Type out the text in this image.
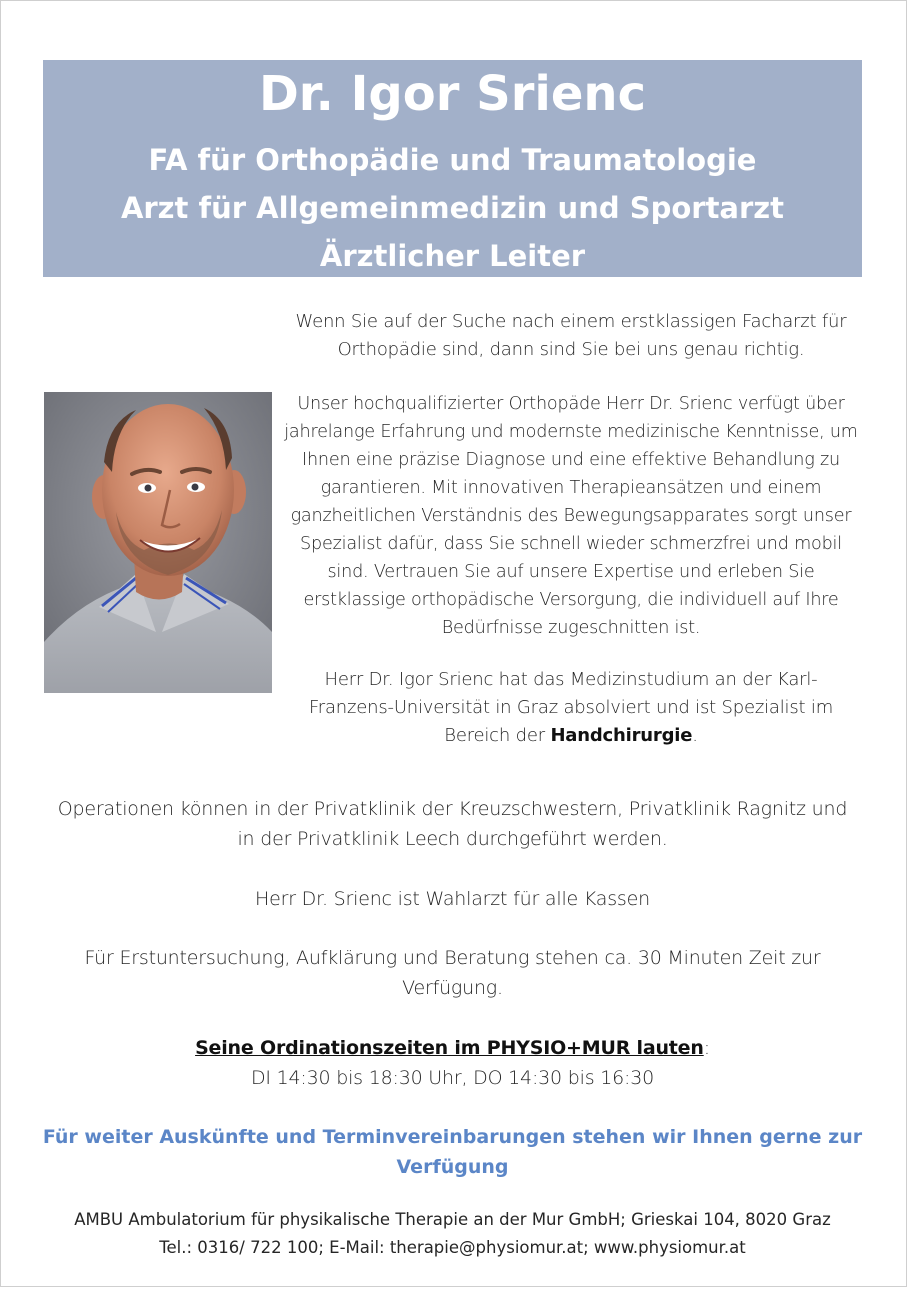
Dr. Igor Srienc
FA für Orthopädie und Traumatologie
Arzt für Allgemeinmedizin und Sportarzt
Ärztlicher Leiter
Wenn Sie auf der Suche nach einem erstklassigen Facharzt für Orthopädie sind, dann sind Sie bei uns genau richtig.
Unser hochqualifizierter Orthopäde Herr Dr. Srienc verfügt über jahrelange Erfahrung und modernste medizinische Kenntnisse, um Ihnen eine präzise Diagnose und eine effektive Behandlung zu garantieren. Mit innovativen Therapieansätzen und einem ganzheitlichen Verständnis des Bewegungsapparates sorgt unser Spezialist dafür, dass Sie schnell wieder schmerzfrei und mobil sind. Vertrauen Sie auf unsere Expertise und erleben Sie erstklassige orthopädische Versorgung, die individuell auf Ihre Bedürfnisse zugeschnitten ist.
Herr Dr. Igor Srienc hat das Medizinstudium an der Karl-Franzens-Universität in Graz absolviert und ist Spezialist im Bereich der Handchirurgie.
Operationen können in der Privatklinik der Kreuzschwestern, Privatklinik Ragnitz und in der Privatklinik Leech durchgeführt werden.
Herr Dr. Srienc ist Wahlarzt für alle Kassen
Für Erstuntersuchung, Aufklärung und Beratung stehen ca. 30 Minuten Zeit zur Verfügung.
Seine Ordinationszeiten im PHYSIO+MUR lauten:
DI 14:30 bis 18:30 Uhr, DO 14:30 bis 16:30
Für weiter Auskünfte und Terminvereinbarungen stehen wir Ihnen gerne zur Verfügung
AMBU Ambulatorium für physikalische Therapie an der Mur GmbH; Grieskai 104, 8020 Graz
Tel.: 0316/ 722 100; E-Mail: therapie@physiomur.at; www.physiomur.at
